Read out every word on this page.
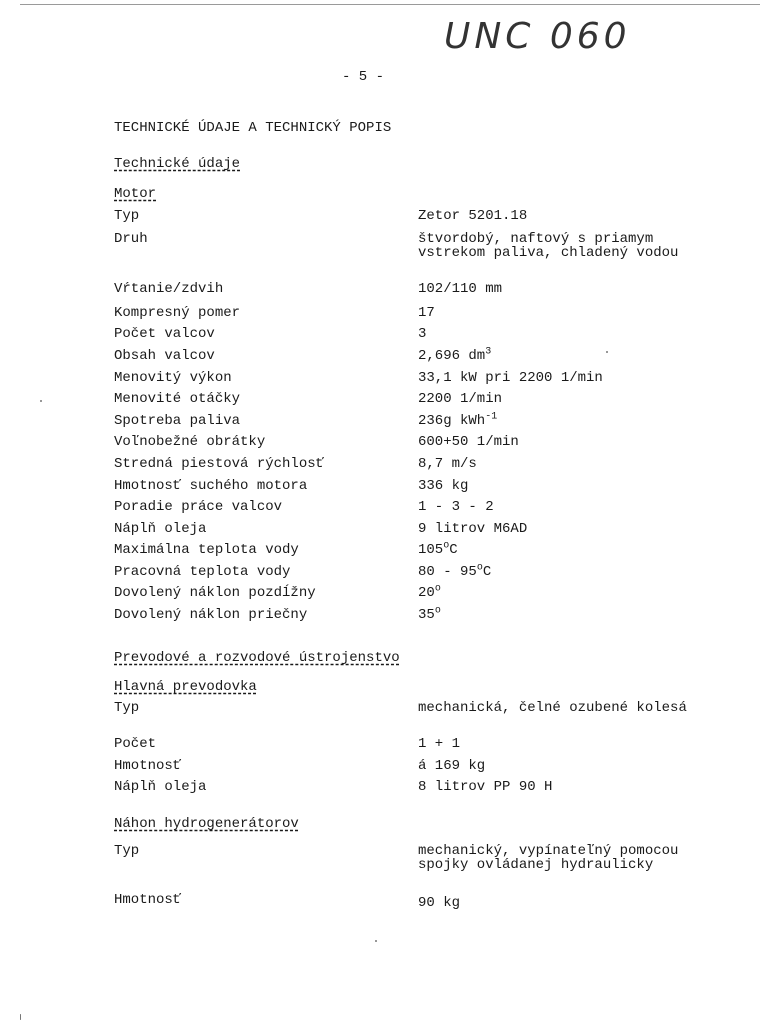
UNC 060
- 5 -
TECHNICKÉ ÚDAJE A TECHNICKÝ POPIS
Technické údaje
Motor
Typ	Zetor 5201.18
Druh	štvordobý, naftový s priamym vstrekom paliva, chladený vodou
Vŕtanie/zdvih	102/110 mm
Kompresný pomer	17
Počet valcov	3
Obsah valcov	2,696 $dm^3$
Menovitý výkon	33,1 kW pri 2200 1/min
Menovité otáčky	2200 1/min
Spotreba paliva	236g kWh$^{-1}$
Voľnobežné obrátky	600+50 1/min
Stredná piestová rýchlosť	8,7 m/s
Hmotnosť suchého motora	336 kg
Poradie práce valcov	1 - 3 - 2
Náplň oleja	9 litrov M6AD
Maximálna teplota vody	105$^o$C
Pracovná teplota vody	80 - 95$^o$C
Dovolený náklon pozdĺžny	20$^o$
Dovolený náklon priečny	35$^o$
Prevodové a rozvodové ústrojenstvo
Hlavná prevodovka
Typ	mechanická, čelné ozubené kolesá
Počet	1 + 1
Hmotnosť	á 169 kg
Náplň oleja	8 litrov PP 90 H
Náhon hydrogenerátorov
Typ	mechanický, vypínateľný pomocou spojky ovládanej hydraulicky
Hmotnosť	90 kg
